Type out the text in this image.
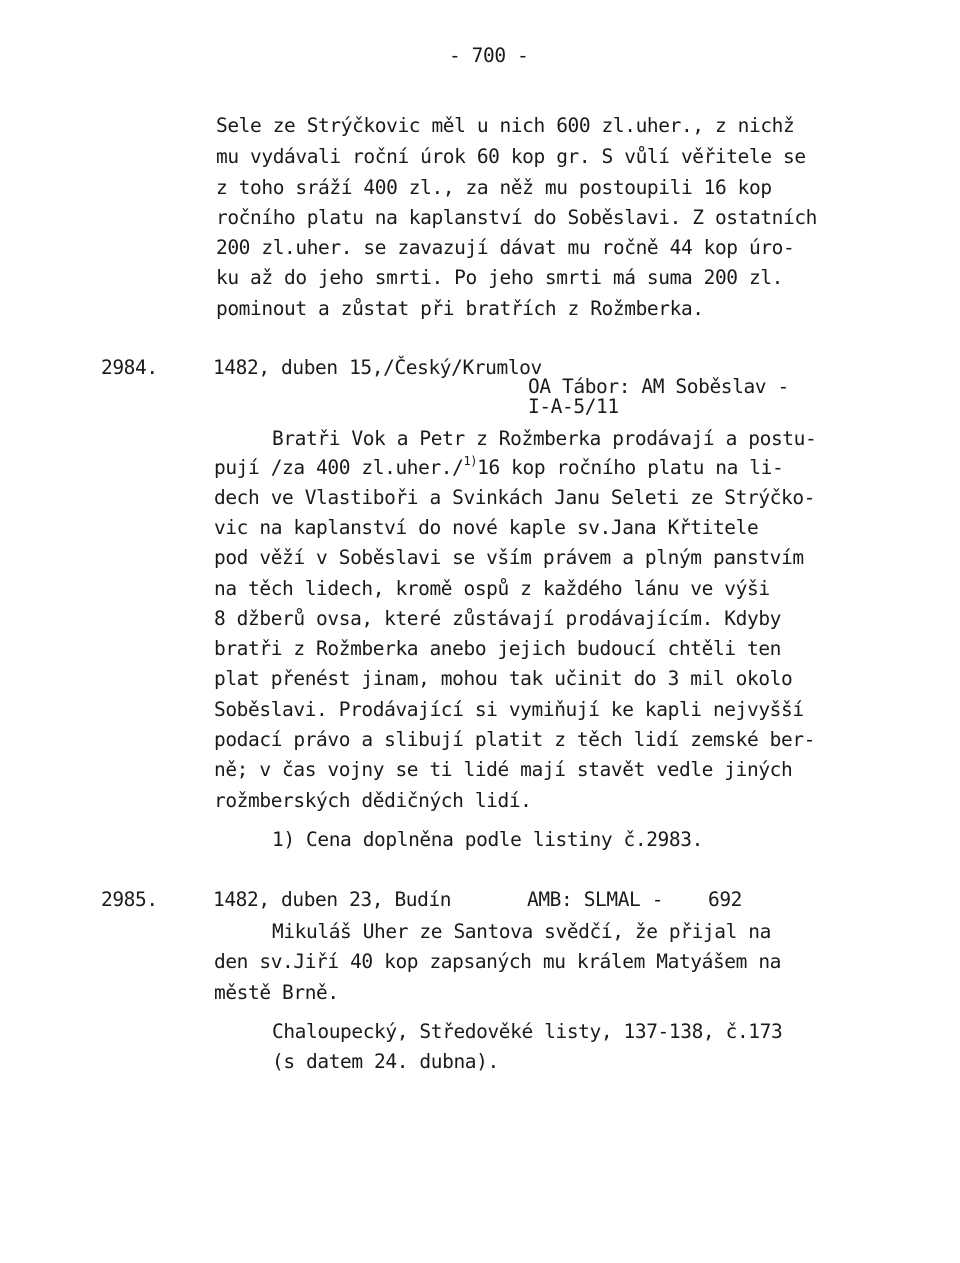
- 700 -
Sele ze Strýčkovic měl u nich 600 zl.uher., z nichž
mu vydávali roční úrok 60 kop gr. S vůlí věřitele se
z toho sráží 400 zl., za něž mu postoupili 16 kop
ročního platu na kaplanství do Soběslavi. Z ostatních
200 zl.uher. se zavazují dávat mu ročně 44 kop úro-
ku až do jeho smrti. Po jeho smrti má suma 200 zl.
pominout a zůstat při bratřích z Rožmberka.
2984.	1482, duben 15,/Český/Krumlov
OA Tábor: AM Soběslav -
I-A-5/11
Bratři Vok a Petr z Rožmberka prodávají a postu-
pují /za 400 zl.uher./$^{1)}$16 kop ročního platu na li-
dech ve Vlastiboři a Svinkách Janu Seleti ze Strýčko-
vic na kaplanství do nové kaple sv.Jana Křtitele
pod věží v Soběslavi se vším právem a plným panstvím
na těch lidech, kromě ospů z každého lánu ve výši
8 džberů ovsa, které zůstávají prodávajícím. Kdyby
bratři z Rožmberka anebo jejich budoucí chtěli ten
plat přenést jinam, mohou tak učinit do 3 mil okolo
Soběslavi. Prodávající si vymiňují ke kapli nejvyšší
podací právo a slibují platit z těch lidí zemské ber-
ně; v čas vojny se ti lidé mají stavět vedle jiných
rožmberských dědičných lidí.
1) Cena doplněna podle listiny č.2983.
2985.	1482, duben 23, Budín	AMB: SLMAL - 692
Mikuláš Uher ze Santova svědčí, že přijal na
den sv.Jiří 40 kop zapsaných mu králem Matyášem na
městě Brně.
Chaloupecký, Středověké listy, 137-138, č.173
(s datem 24. dubna).
